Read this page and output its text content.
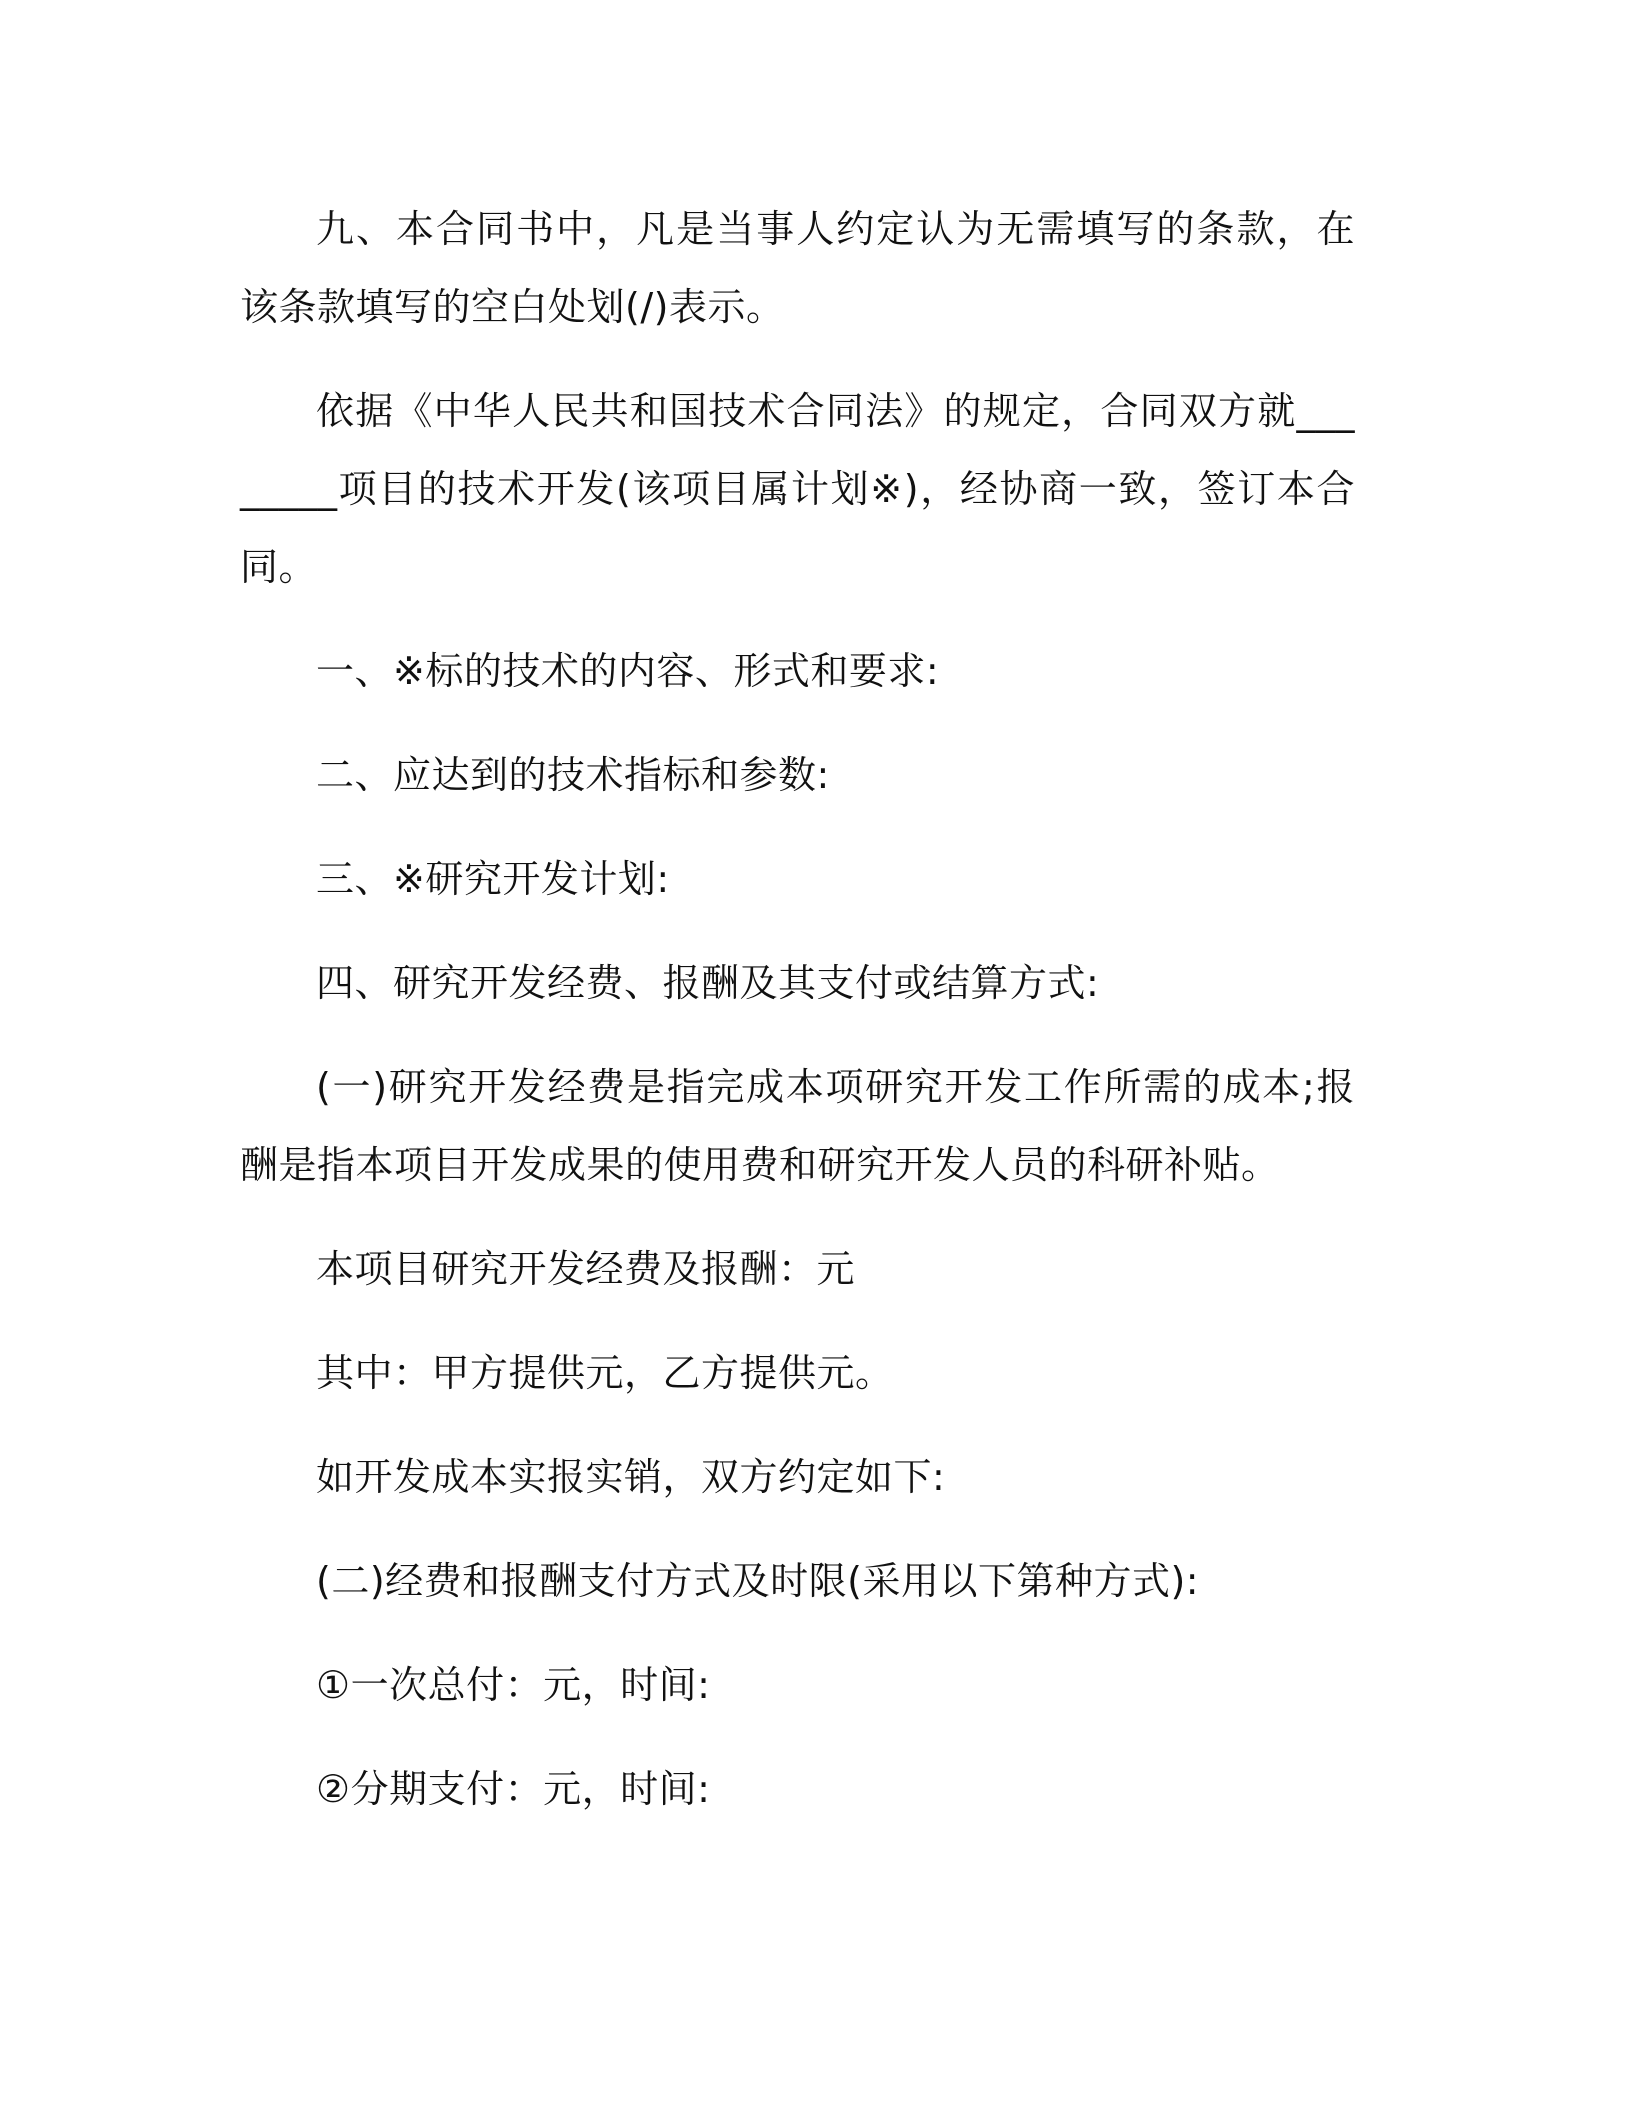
九、本合同书中，凡是当事人约定认为无需填写的条款，在该条款填写的空白处划(/)表示。

依据《中华人民共和国技术合同法》的规定，合同双方就________项目的技术开发(该项目属计划※)，经协商一致，签订本合同。

一、※标的技术的内容、形式和要求:

二、应达到的技术指标和参数:

三、※研究开发计划:

四、研究开发经费、报酬及其支付或结算方式:

(一)研究开发经费是指完成本项研究开发工作所需的成本;报酬是指本项目开发成果的使用费和研究开发人员的科研补贴。

本项目研究开发经费及报酬：元

其中：甲方提供元，乙方提供元。

如开发成本实报实销，双方约定如下:

(二)经费和报酬支付方式及时限(采用以下第种方式):

①一次总付：元，时间:

②分期支付：元，时间:
